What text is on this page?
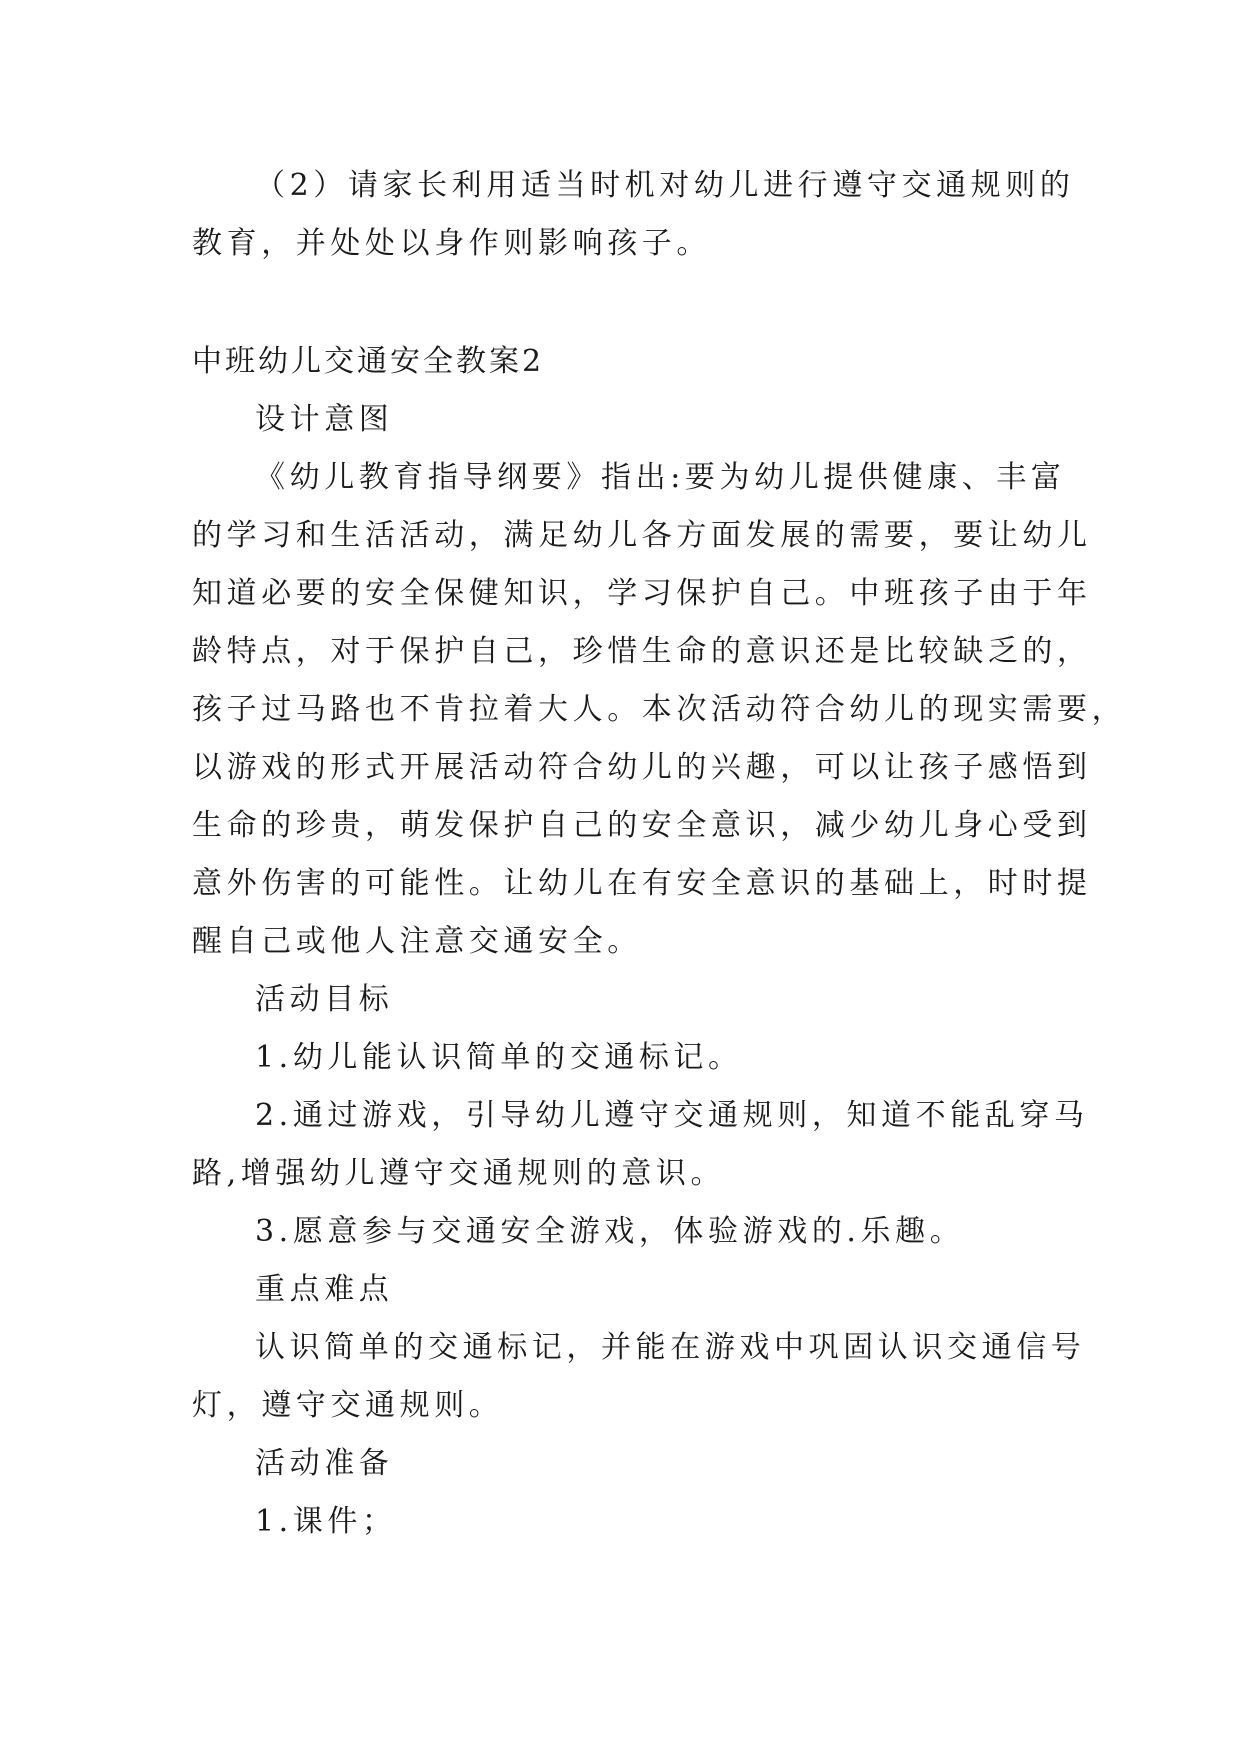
（2）请家长利用适当时机对幼儿进行遵守交通规则的
教育，并处处以身作则影响孩子。
中班幼儿交通安全教案2
设计意图
《幼儿教育指导纲要》指出:要为幼儿提供健康、丰富
的学习和生活活动，满足幼儿各方面发展的需要，要让幼儿
知道必要的安全保健知识，学习保护自己。中班孩子由于年
龄特点，对于保护自己，珍惜生命的意识还是比较缺乏的，
孩子过马路也不肯拉着大人。本次活动符合幼儿的现实需要，
以游戏的形式开展活动符合幼儿的兴趣，可以让孩子感悟到
生命的珍贵，萌发保护自己的安全意识，减少幼儿身心受到
意外伤害的可能性。让幼儿在有安全意识的基础上，时时提
醒自己或他人注意交通安全。
活动目标
1.幼儿能认识简单的交通标记。
2.通过游戏，引导幼儿遵守交通规则，知道不能乱穿马
路,增强幼儿遵守交通规则的意识。
3.愿意参与交通安全游戏，体验游戏的.乐趣。
重点难点
认识简单的交通标记，并能在游戏中巩固认识交通信号
灯，遵守交通规则。
活动准备
1.课件；
